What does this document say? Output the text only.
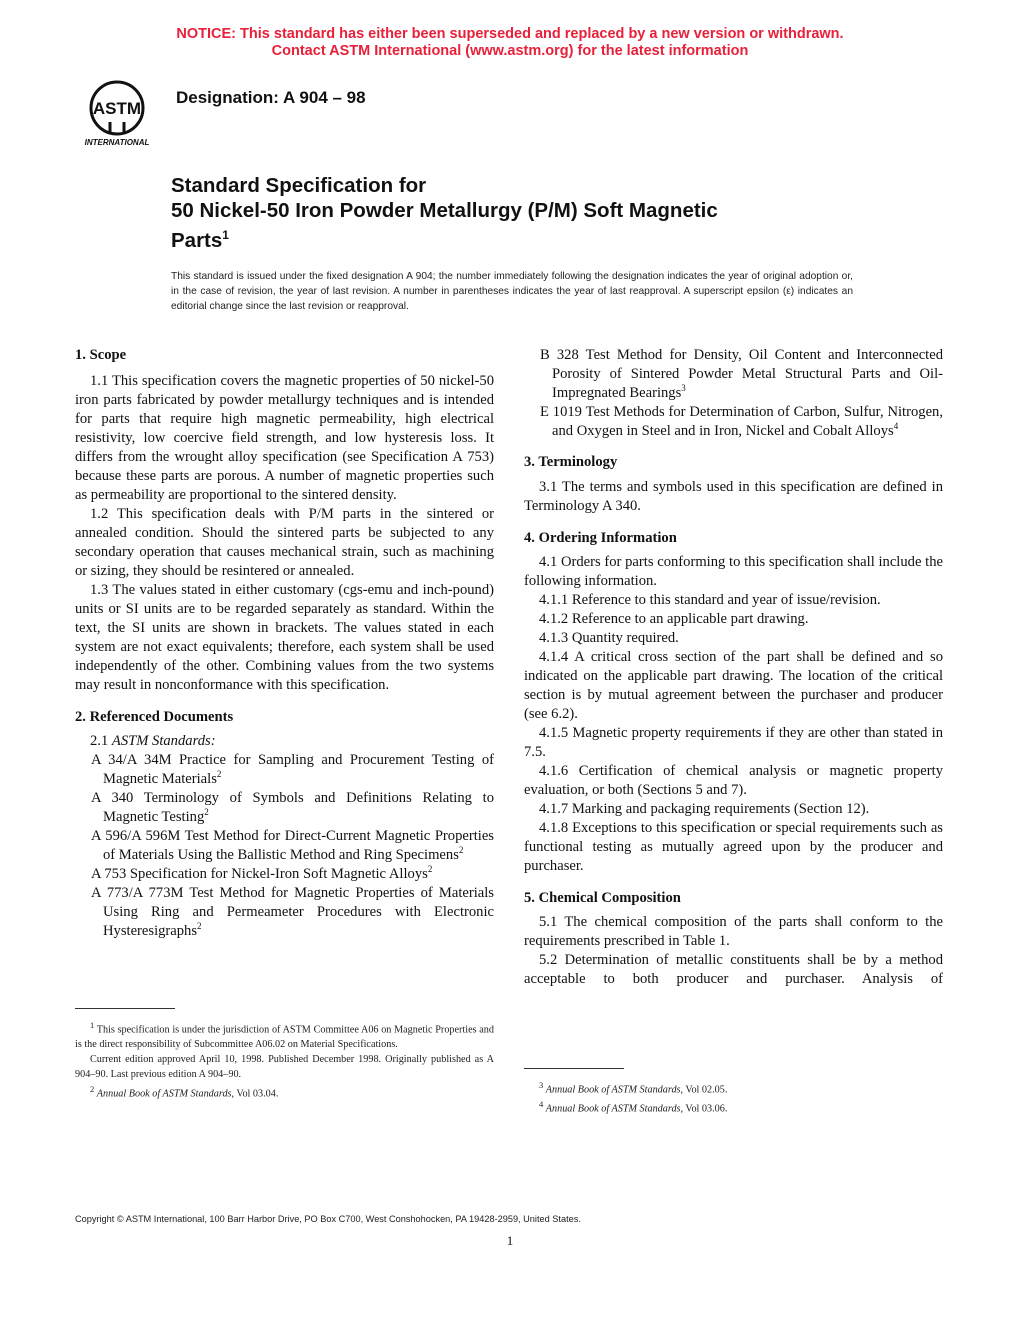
NOTICE: This standard has either been superseded and replaced by a new version or withdrawn.
Contact ASTM International (www.astm.org) for the latest information
ASTM
INTERNATIONAL
Designation: A 904 – 98
Standard Specification for
50 Nickel-50 Iron Powder Metallurgy (P/M) Soft Magnetic
Parts$^1$
This standard is issued under the fixed designation A 904; the number immediately following the designation indicates the year of original adoption or, in the case of revision, the year of last revision. A number in parentheses indicates the year of last reapproval. A superscript epsilon (ε) indicates an editorial change since the last revision or reapproval.
1. Scope

1.1 This specification covers the magnetic properties of 50 nickel-50 iron parts fabricated by powder metallurgy techniques and is intended for parts that require high magnetic permeability, high electrical resistivity, low coercive field strength, and low hysteresis loss. It differs from the wrought alloy specification (see Specification A 753) because these parts are porous. A number of magnetic properties such as permeability are proportional to the sintered density.

1.2 This specification deals with P/M parts in the sintered or annealed condition. Should the sintered parts be subjected to any secondary operation that causes mechanical strain, such as machining or sizing, they should be resintered or annealed.

1.3 The values stated in either customary (cgs-emu and inch-pound) units or SI units are to be regarded separately as standard. Within the text, the SI units are shown in brackets. The values stated in each system are not exact equivalents; therefore, each system shall be used independently of the other. Combining values from the two systems may result in nonconformance with this specification.

2. Referenced Documents

2.1 ASTM Standards:

A 34/A 34M Practice for Sampling and Procurement Testing of Magnetic Materials$^2$

A 340 Terminology of Symbols and Definitions Relating to Magnetic Testing$^2$

A 596/A 596M Test Method for Direct-Current Magnetic Properties of Materials Using the Ballistic Method and Ring Specimens$^2$

A 753 Specification for Nickel-Iron Soft Magnetic Alloys$^2$

A 773/A 773M Test Method for Magnetic Properties of Materials Using Ring and Permeameter Procedures with Electronic Hysteresigraphs$^2$

B 328 Test Method for Density, Oil Content and Interconnected Porosity of Sintered Powder Metal Structural Parts and Oil-Impregnated Bearings$^3$

E 1019 Test Methods for Determination of Carbon, Sulfur, Nitrogen, and Oxygen in Steel and in Iron, Nickel and Cobalt Alloys$^4$

3. Terminology

3.1 The terms and symbols used in this specification are defined in Terminology A 340.

4. Ordering Information

4.1 Orders for parts conforming to this specification shall include the following information.

4.1.1 Reference to this standard and year of issue/revision.

4.1.2 Reference to an applicable part drawing.

4.1.3 Quantity required.

4.1.4 A critical cross section of the part shall be defined and so indicated on the applicable part drawing. The location of the critical section is by mutual agreement between the purchaser and producer (see 6.2).

4.1.5 Magnetic property requirements if they are other than stated in 7.5.

4.1.6 Certification of chemical analysis or magnetic property evaluation, or both (Sections 5 and 7).

4.1.7 Marking and packaging requirements (Section 12).

4.1.8 Exceptions to this specification or special requirements such as functional testing as mutually agreed upon by the producer and purchaser.

5. Chemical Composition

5.1 The chemical composition of the parts shall conform to the requirements prescribed in Table 1.

5.2 Determination of metallic constituents shall be by a method acceptable to both producer and purchaser. Analysis of

$^1$ This specification is under the jurisdiction of ASTM Committee A06 on Magnetic Properties and is the direct responsibility of Subcommittee A06.02 on Material Specifications.

Current edition approved April 10, 1998. Published December 1998. Originally published as A 904–90. Last previous edition A 904–90.

$^2$ Annual Book of ASTM Standards, Vol 03.04.

$^3$ Annual Book of ASTM Standards, Vol 02.05.

$^4$ Annual Book of ASTM Standards, Vol 03.06.

Copyright © ASTM International, 100 Barr Harbor Drive, PO Box C700, West Conshohocken, PA 19428-2959, United States.
1
